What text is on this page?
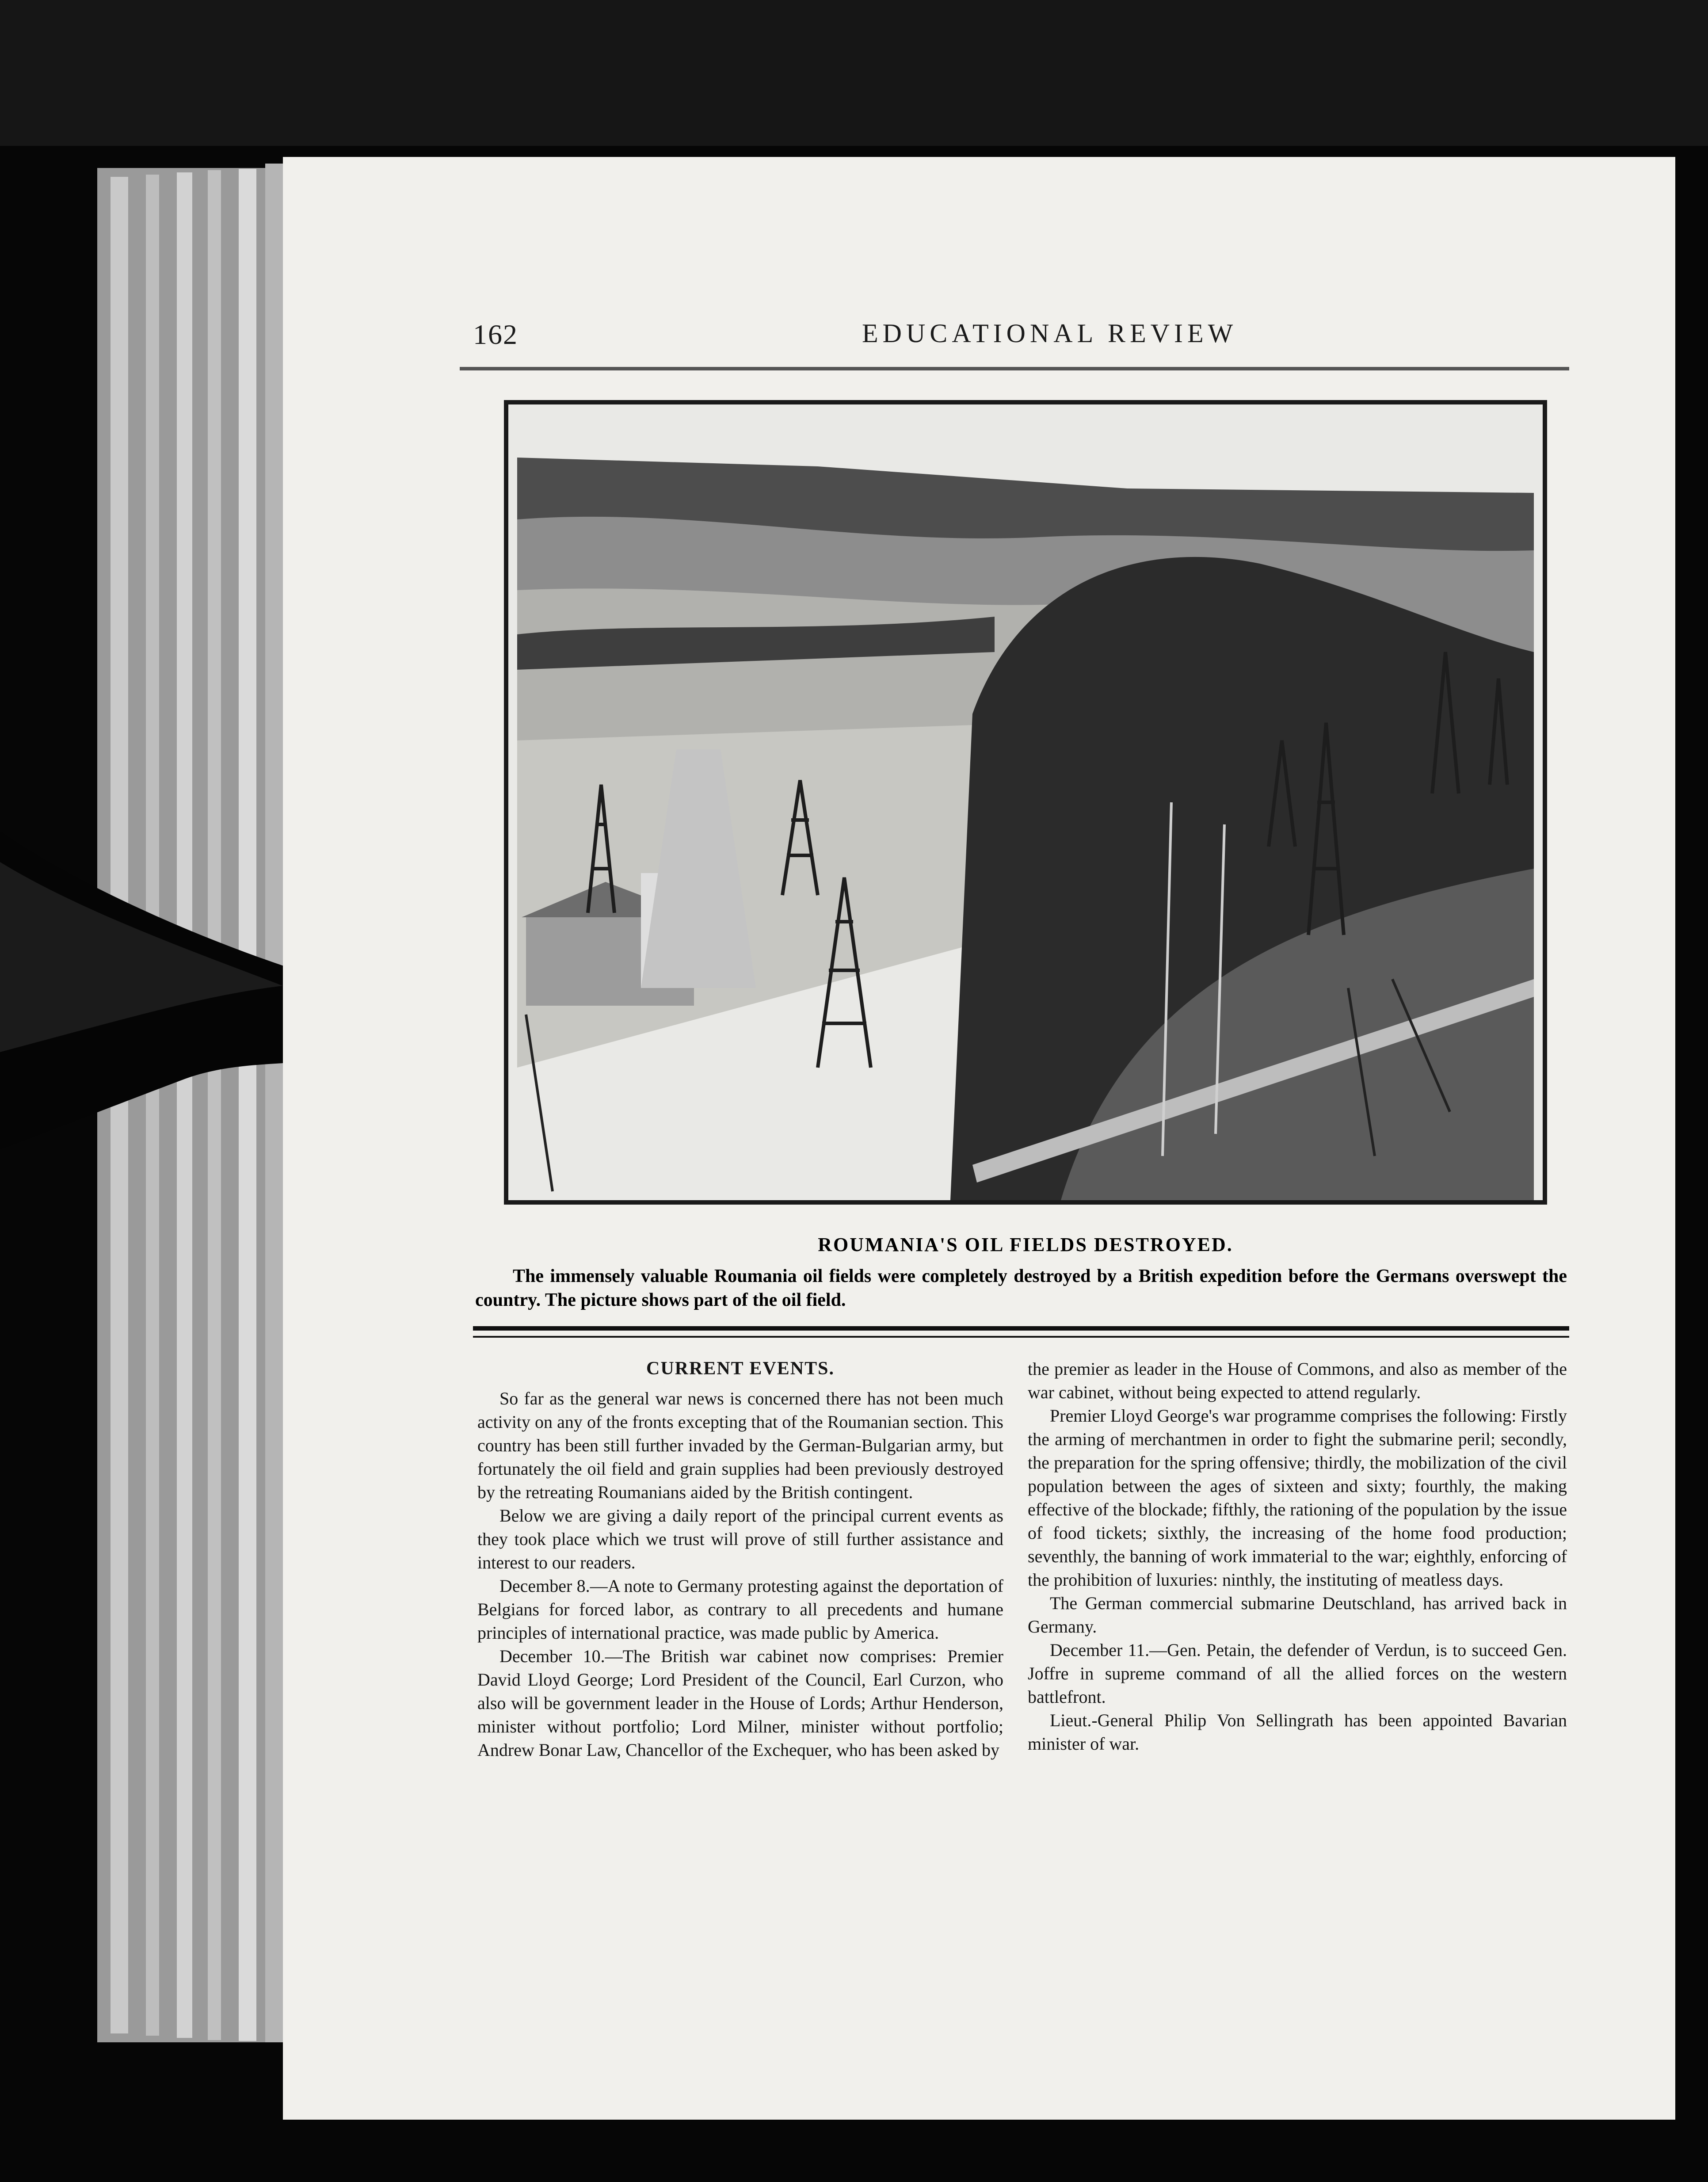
162	EDUCATIONAL REVIEW
ROUMANIA'S OIL FIELDS DESTROYED.
The immensely valuable Roumania oil fields were completely destroyed by a British expedition before the Germans overswept the country. The picture shows part of the oil field.
CURRENT EVENTS.

So far as the general war news is concerned there has not been much activity on any of the fronts excepting that of the Roumanian section. This country has been still further invaded by the German-Bulgarian army, but fortunately the oil field and grain supplies had been previously destroyed by the retreating Roumanians aided by the British contingent.

Below we are giving a daily report of the principal current events as they took place which we trust will prove of still further assistance and interest to our readers.

December 8.—A note to Germany protesting against the deportation of Belgians for forced labor, as contrary to all precedents and humane principles of international practice, was made public by America.

December 10.—The British war cabinet now comprises: Premier David Lloyd George; Lord President of the Council, Earl Curzon, who also will be government leader in the House of Lords; Arthur Henderson, minister without portfolio; Lord Milner, minister without portfolio; Andrew Bonar Law, Chancellor of the Exchequer, who has been asked by

the premier as leader in the House of Commons, and also as member of the war cabinet, without being expected to attend regularly.

Premier Lloyd George's war programme comprises the following: Firstly the arming of merchantmen in order to fight the submarine peril; secondly, the preparation for the spring offensive; thirdly, the mobilization of the civil population between the ages of sixteen and sixty; fourthly, the making effective of the blockade; fifthly, the rationing of the population by the issue of food tickets; sixthly, the increasing of the home food production; seventhly, the banning of work immaterial to the war; eighthly, enforcing of the prohibition of luxuries: ninthly, the instituting of meatless days.

The German commercial submarine Deutschland, has arrived back in Germany.

December 11.—Gen. Petain, the defender of Verdun, is to succeed Gen. Joffre in supreme command of all the allied forces on the western battlefront.

Lieut.-General Philip Von Sellingrath has been appointed Bavarian minister of war.
